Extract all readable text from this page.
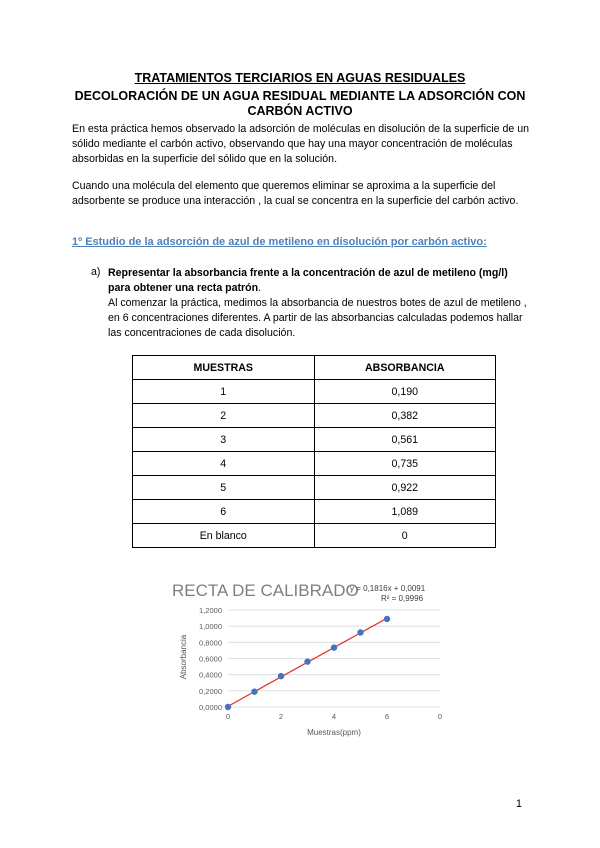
TRATAMIENTOS TERCIARIOS EN AGUAS RESIDUALES
DECOLORACIÓN DE UN AGUA RESIDUAL MEDIANTE LA ADSORCIÓN CON CARBÓN ACTIVO

En esta práctica hemos observado la adsorción de moléculas en disolución de la superficie de un sólido mediante el carbón activo, observando que hay una mayor concentración de moléculas absorbidas en la superficie del sólido que en la solución.

Cuando una molécula del elemento que queremos eliminar se aproxima a la superficie del adsorbente se produce una interacción , la cual se concentra en la superficie del carbón activo.

1º Estudio de la adsorción de azul de metileno en disolución por carbón activo:
a) Representar la absorbancia frente a la concentración de azul de metileno (mg/l) para obtener una recta patrón.
Al comenzar la práctica, medimos la absorbancia de nuestros botes de azul de metileno , en 6 concentraciones diferentes. A partir de las absorbancias calculadas podemos hallar las concentraciones de cada disolución.
MUESTRAS	ABSORBANCIA
1	0,190
2	0,382
3	0,561
4	0,735
5	0,922
6	1,089
En blanco	0
RECTA DE CALIBRADO
y = 0,1816x + 0,0091
R² = 0,9996
0,0000
0,2000
0,4000
0,6000
0,8000
1,0000
1,2000
0	2	4	6	0
Absorbancia
Muestras(ppm)
1
